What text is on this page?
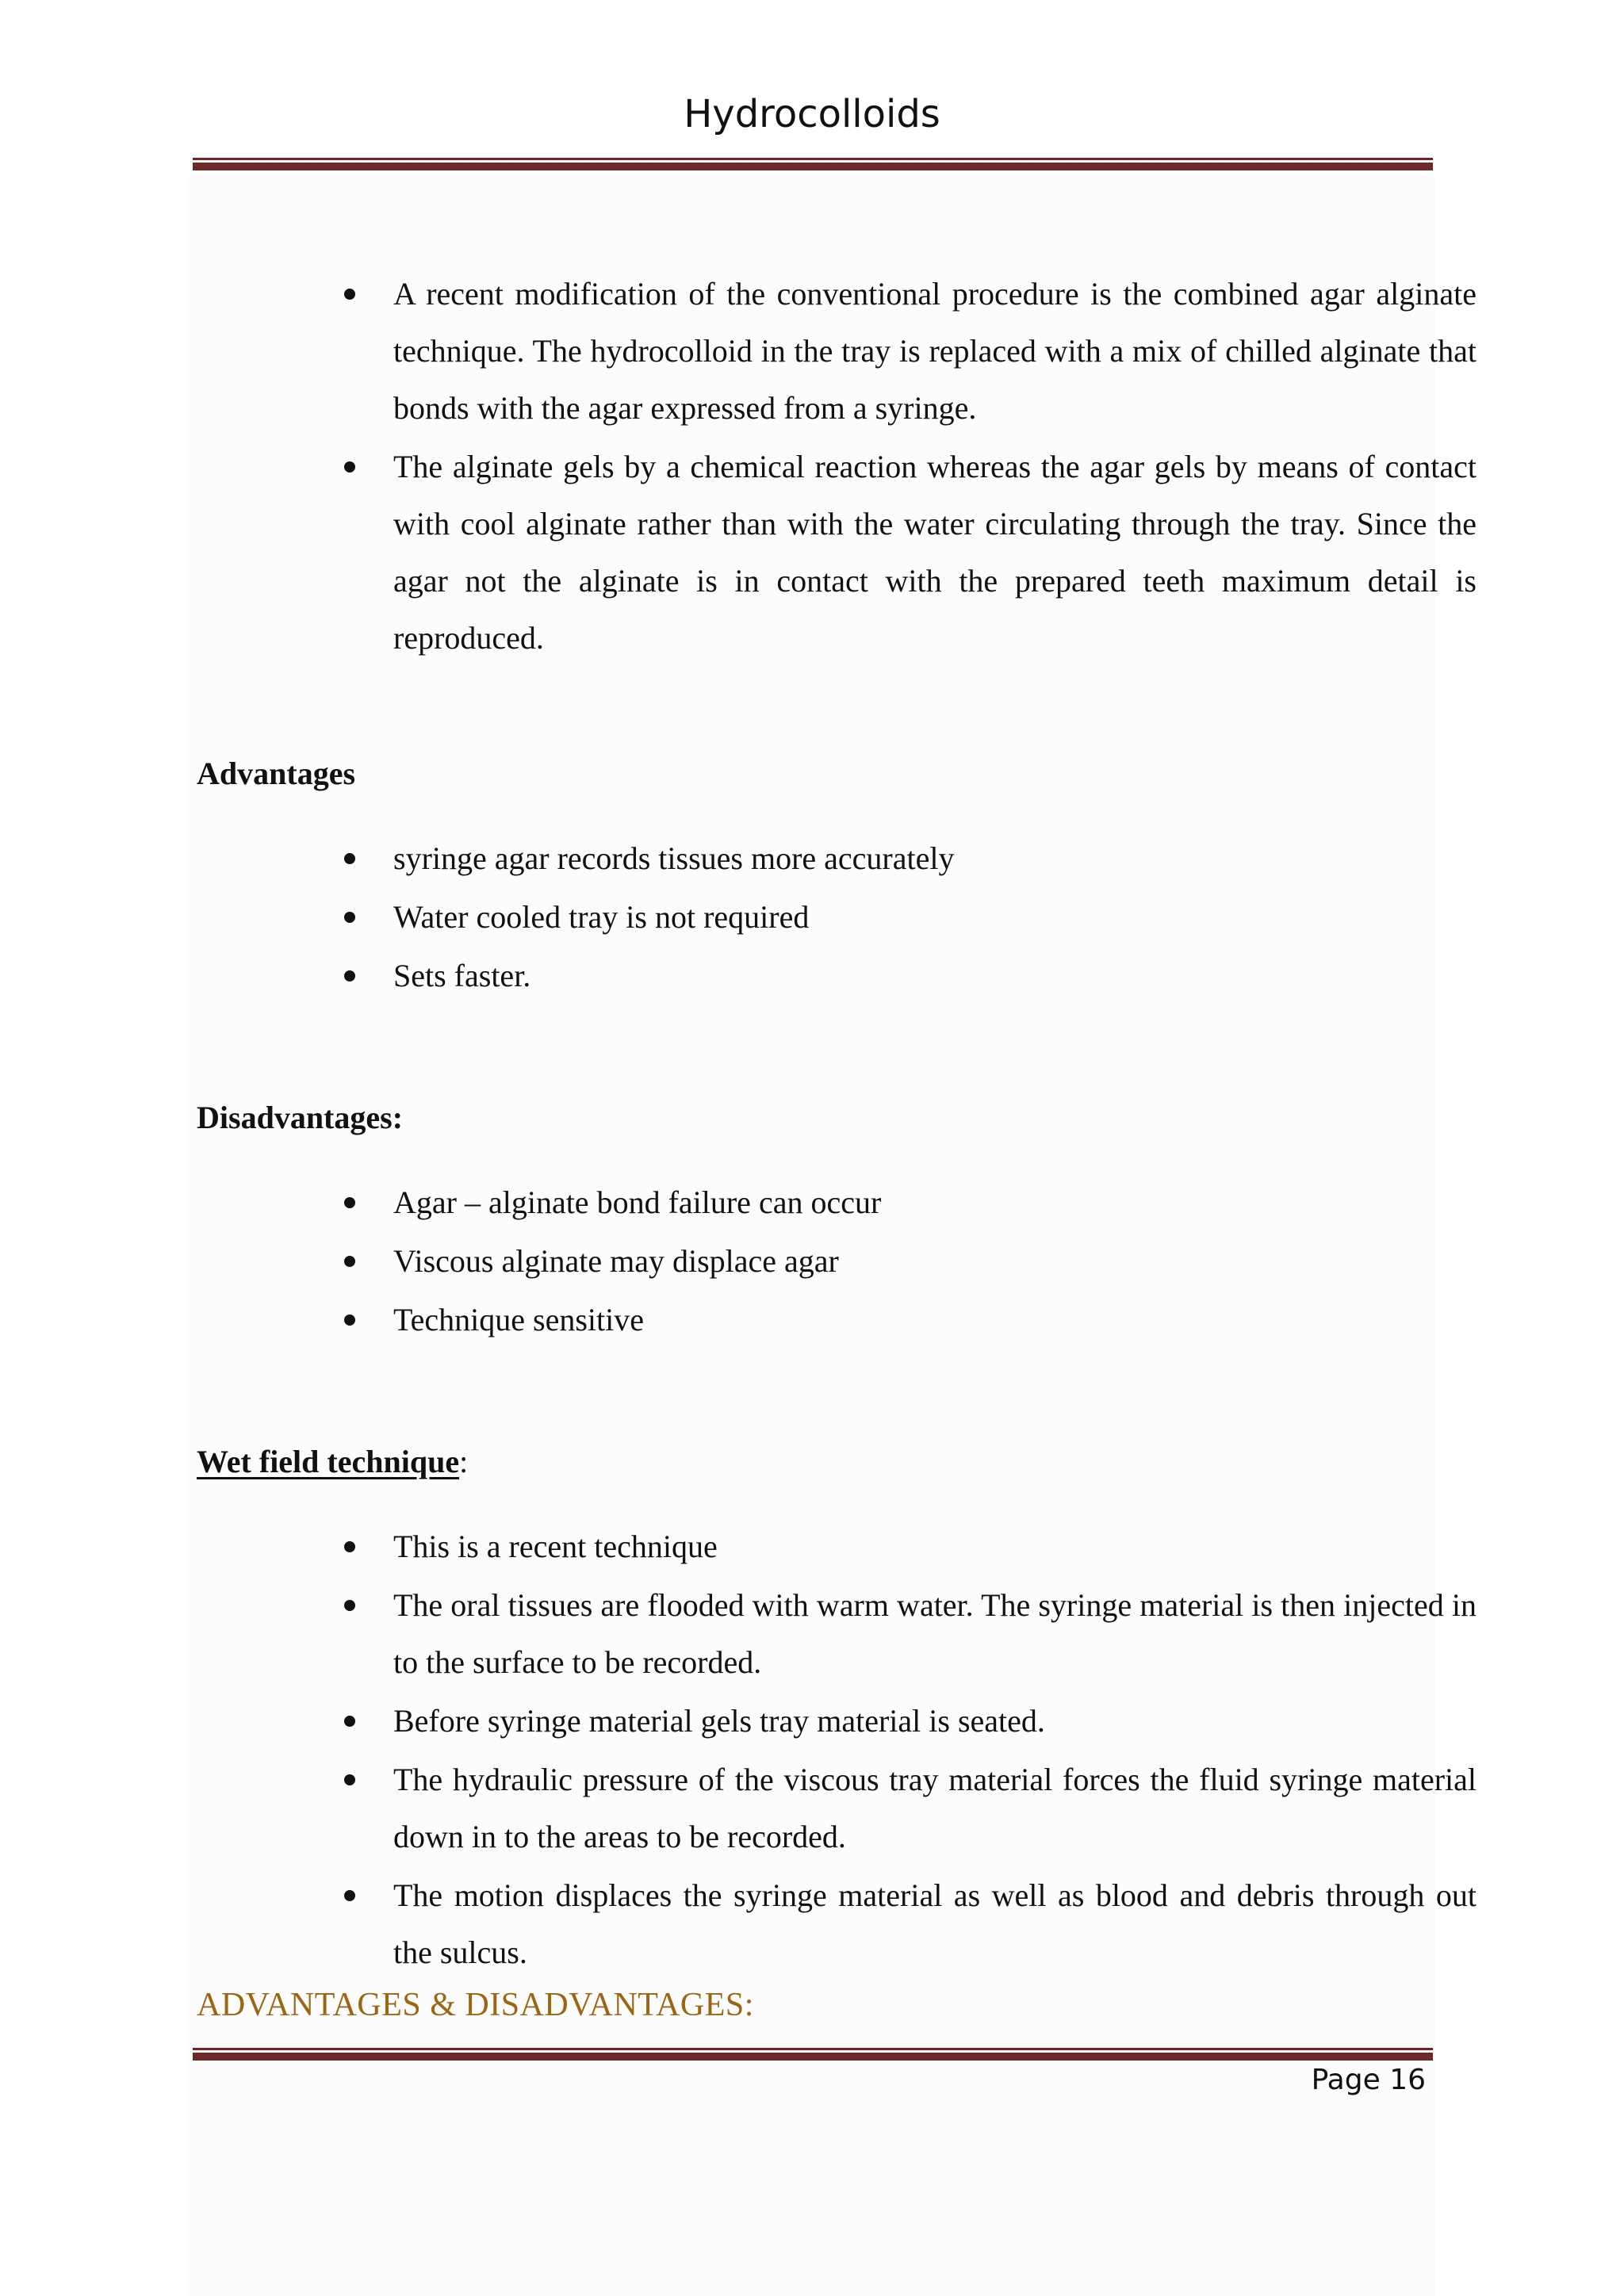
Hydrocolloids
A recent modification of the conventional procedure is the combined agar alginate technique. The hydrocolloid in the tray is replaced with a mix of chilled alginate that bonds with the agar expressed from a syringe.
The alginate gels by a chemical reaction whereas the agar gels by means of contact with cool alginate rather than with the water circulating through the tray. Since the agar not the alginate is in contact with the prepared teeth maximum detail is reproduced.
Advantages
syringe agar records tissues more accurately
Water cooled tray is not required
Sets faster.
Disadvantages:
Agar – alginate bond failure can occur
Viscous alginate may displace agar
Technique sensitive
Wet field technique:
This is a recent technique
The oral tissues are flooded with warm water. The syringe material is then injected in to the surface to be recorded.
Before syringe material gels tray material is seated.
The hydraulic pressure of the viscous tray material forces the fluid syringe material down in to the areas to be recorded.
The motion displaces the syringe material as well as blood and debris through out the sulcus.
ADVANTAGES & DISADVANTAGES:
Page 16
